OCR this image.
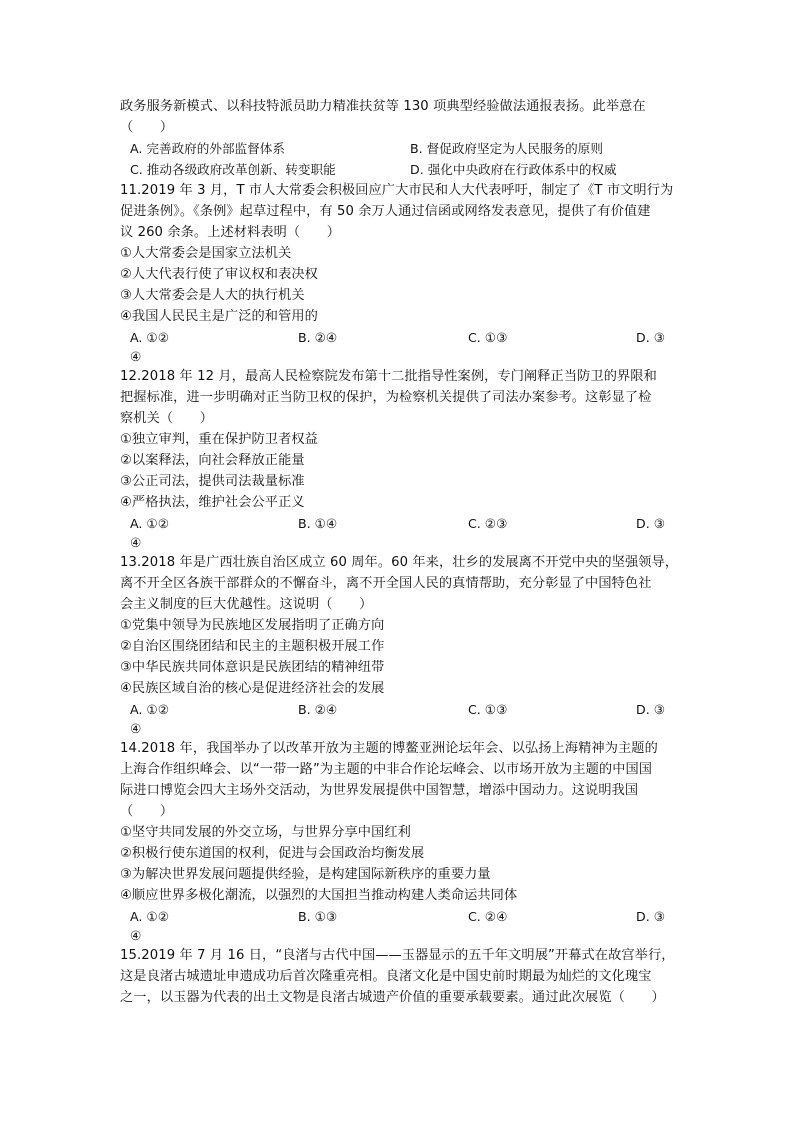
政务服务新模式、以科技特派员助力精准扶贫等 130 项典型经验做法通报表扬。此举意在
（　　）
A. 完善政府的外部监督体系	B. 督促政府坚定为人民服务的原则
C. 推动各级政府改革创新、转变职能	D. 强化中央政府在行政体系中的权威
11.2019 年 3 月，T 市人大常委会积极回应广大市民和人大代表呼吁，制定了《T 市文明行为
促进条例》。《条例》起草过程中，有 50 余万人通过信函或网络发表意见，提供了有价值建
议 260 余条。上述材料表明（　　）
①人大常委会是国家立法机关
②人大代表行使了审议权和表决权
③人大常委会是人大的执行机关
④我国人民民主是广泛的和管用的
A. ①②	B. ②④	C. ①③	D. ③
④
12.2018 年 12 月，最高人民检察院发布第十二批指导性案例，专门阐释正当防卫的界限和
把握标准，进一步明确对正当防卫权的保护，为检察机关提供了司法办案参考。这彰显了检
察机关（　　）
①独立审判，重在保护防卫者权益
②以案释法，向社会释放正能量
③公正司法，提供司法裁量标准
④严格执法，维护社会公平正义
A. ①②	B. ①④	C. ②③	D. ③
④
13.2018 年是广西壮族自治区成立 60 周年。60 年来，壮乡的发展离不开党中央的坚强领导，
离不开全区各族干部群众的不懈奋斗，离不开全国人民的真情帮助，充分彰显了中国特色社
会主义制度的巨大优越性。这说明（　　）
①党集中领导为民族地区发展指明了正确方向
②自治区围绕团结和民主的主题积极开展工作
③中华民族共同体意识是民族团结的精神纽带
④民族区域自治的核心是促进经济社会的发展
A. ①②	B. ②④	C. ①③	D. ③
④
14.2018 年，我国举办了以改革开放为主题的博鳌亚洲论坛年会、以弘扬上海精神为主题的
上海合作组织峰会、以“一带一路”为主题的中非合作论坛峰会、以市场开放为主题的中国国
际进口博览会四大主场外交活动，为世界发展提供中国智慧，增添中国动力。这说明我国
（　　）
①坚守共同发展的外交立场，与世界分享中国红利
②积极行使东道国的权利，促进与会国政治均衡发展
③为解决世界发展问题提供经验，是构建国际新秩序的重要力量
④顺应世界多极化潮流，以强烈的大国担当推动构建人类命运共同体
A. ①②	B. ①③	C. ②④	D. ③
④
15.2019 年 7 月 16 日，“良渚与古代中国——玉器显示的五千年文明展”开幕式在故宫举行，
这是良渚古城遗址申遗成功后首次隆重亮相。良渚文化是中国史前时期最为灿烂的文化瑰宝
之一，以玉器为代表的出土文物是良渚古城遗产价值的重要承载要素。通过此次展览（　　）
